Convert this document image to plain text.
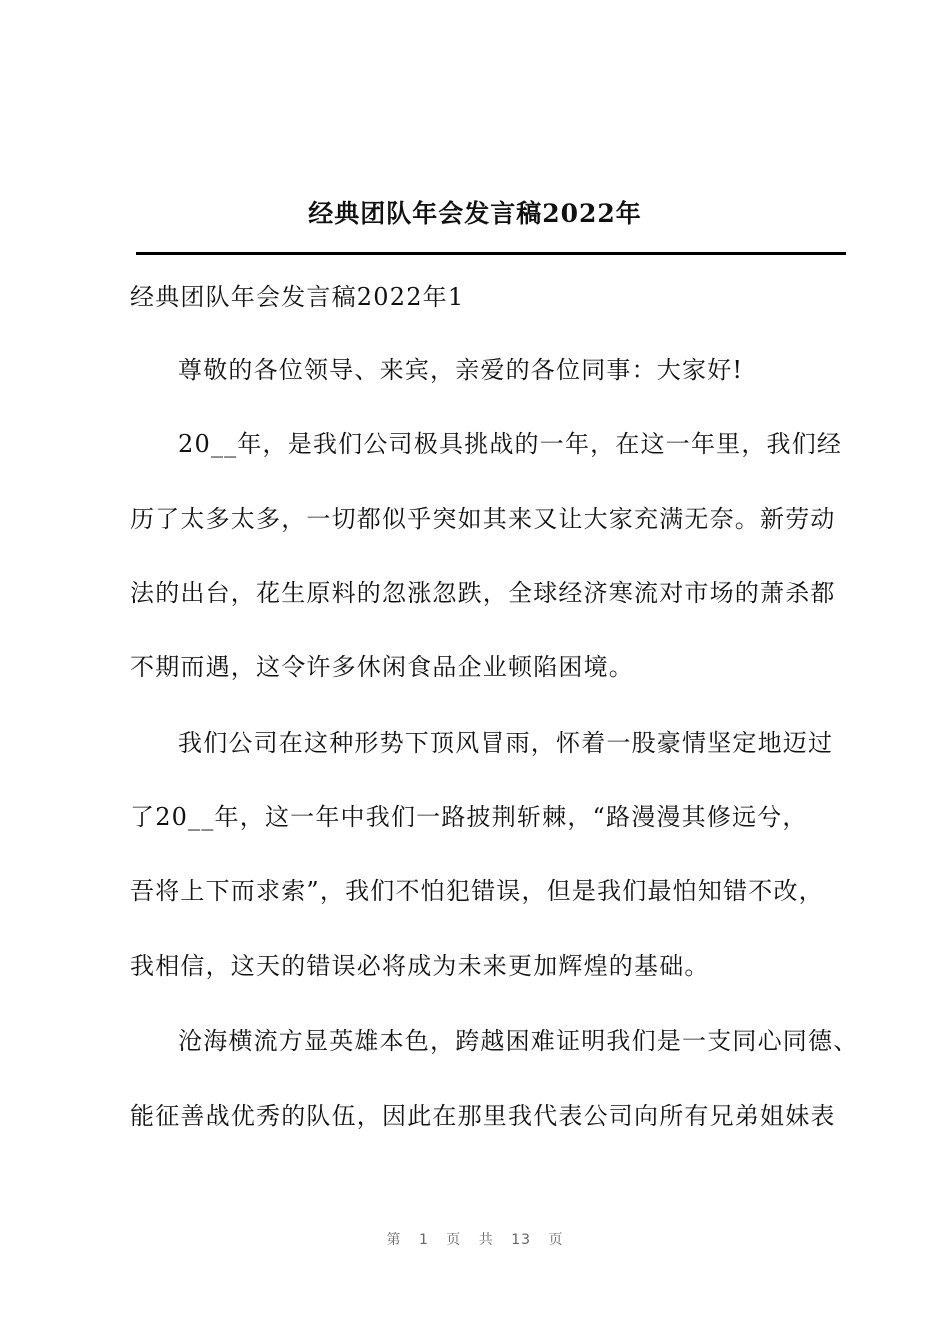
经典团队年会发言稿2022年
经典团队年会发言稿2022年1
尊敬的各位领导、来宾，亲爱的各位同事：大家好!
20__年，是我们公司极具挑战的一年，在这一年里，我们经
历了太多太多，一切都似乎突如其来又让大家充满无奈。新劳动
法的出台，花生原料的忽涨忽跌，全球经济寒流对市场的萧杀都
不期而遇，这令许多休闲食品企业顿陷困境。
我们公司在这种形势下顶风冒雨，怀着一股豪情坚定地迈过
了20__年，这一年中我们一路披荆斩棘，“路漫漫其修远兮，
吾将上下而求索”，我们不怕犯错误，但是我们最怕知错不改，
我相信，这天的错误必将成为未来更加辉煌的基础。
沧海横流方显英雄本色，跨越困难证明我们是一支同心同德、
能征善战优秀的队伍，因此在那里我代表公司向所有兄弟姐妹表
第 1 页 共 13 页
